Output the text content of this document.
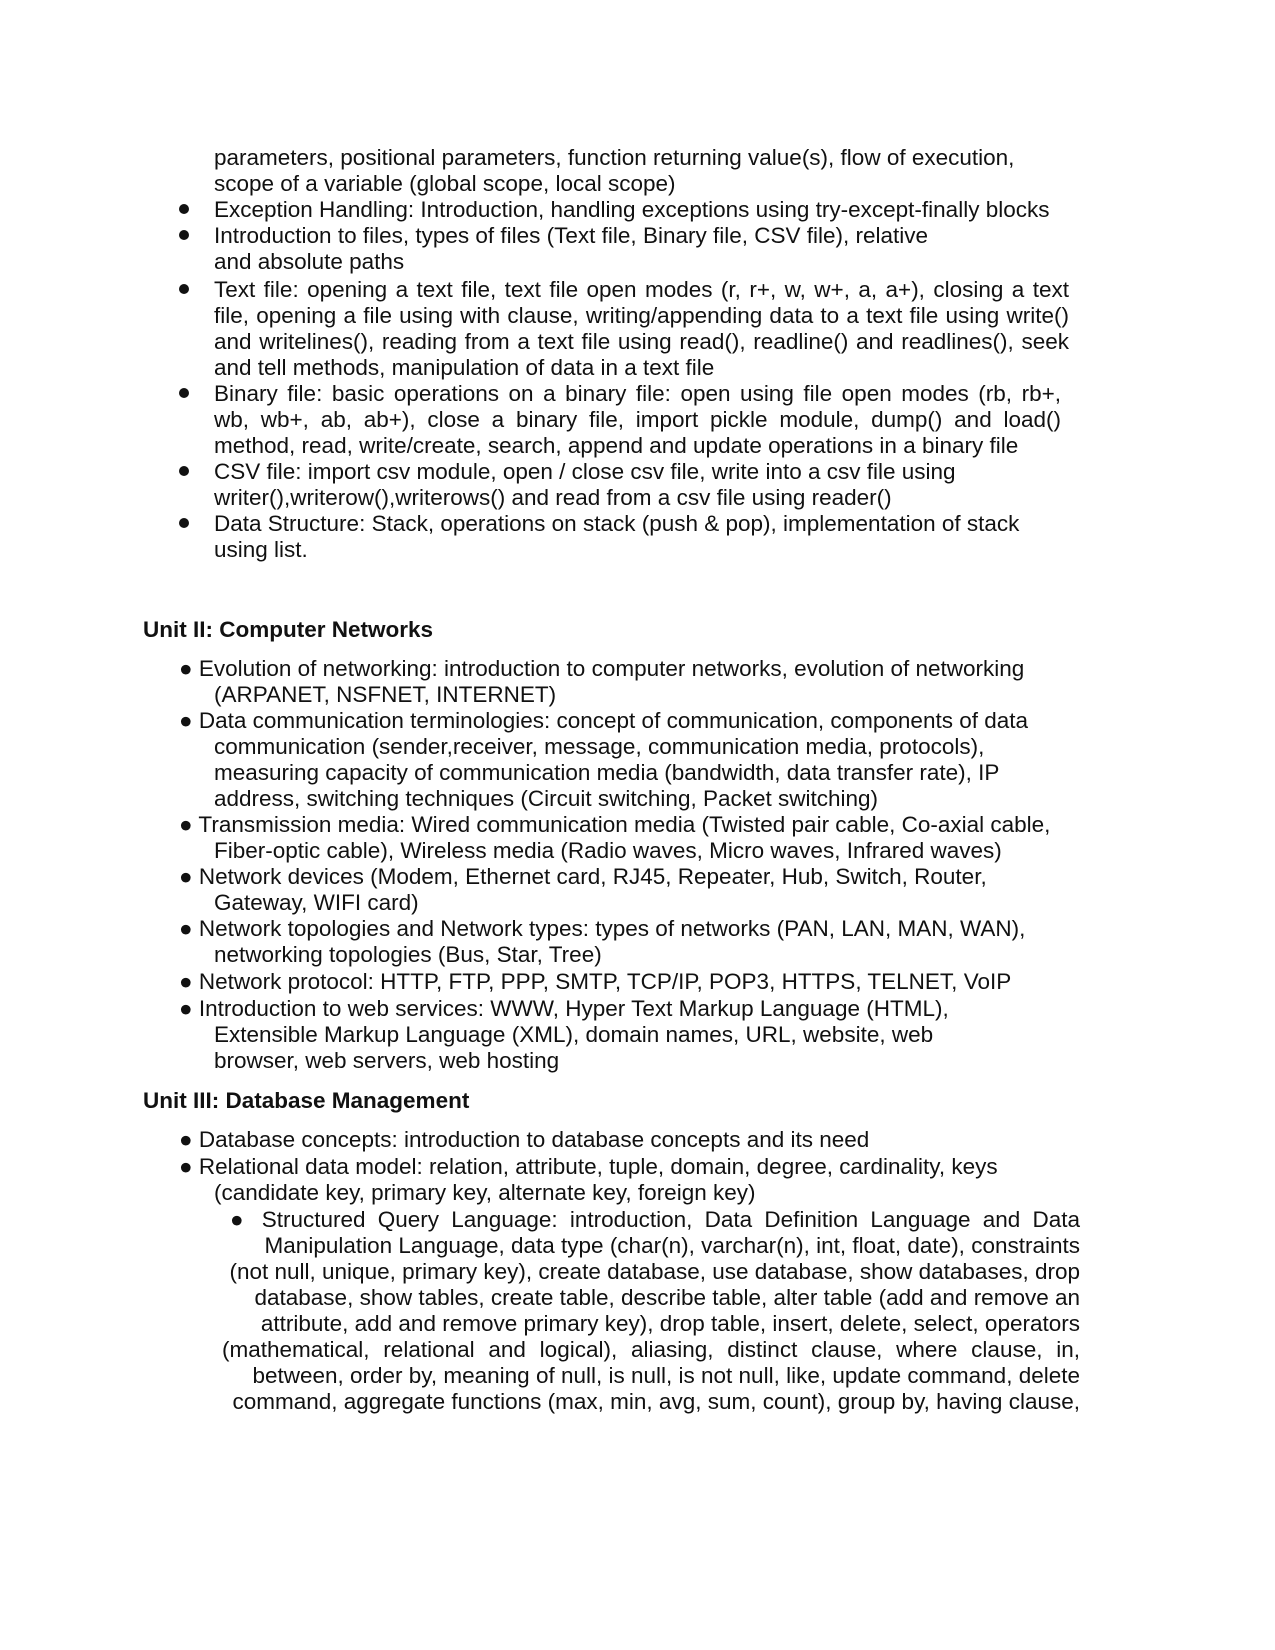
parameters, positional parameters, function returning value(s), flow of execution,
scope of a variable (global scope, local scope)
Exception Handling: Introduction, handling exceptions using try-except-finally blocks
Introduction to files, types of files (Text file, Binary file, CSV file), relative
and absolute paths
Text file: opening a text file, text file open modes (r, r+, w, w+, a, a+), closing a text
file, opening a file using with clause, writing/appending data to a text file using write()
and writelines(), reading from a text file using read(), readline() and readlines(), seek
and tell methods, manipulation of data in a text file
Binary file: basic operations on a binary file: open using file open modes (rb, rb+,
wb, wb+, ab, ab+), close a binary file, import pickle module, dump() and load()
method, read, write/create, search, append and update operations in a binary file
CSV file: import csv module, open / close csv file, write into a csv file using
writer(),writerow(),writerows() and read from a csv file using reader()
Data Structure: Stack, operations on stack (push & pop), implementation of stack
using list.
Unit II: Computer Networks
● Evolution of networking: introduction to computer networks, evolution of networking
(ARPANET, NSFNET, INTERNET)
● Data communication terminologies: concept of communication, components of data
communication (sender,receiver, message, communication media, protocols),
measuring capacity of communication media (bandwidth, data transfer rate), IP
address, switching techniques (Circuit switching, Packet switching)
● Transmission media: Wired communication media (Twisted pair cable, Co-axial cable,
Fiber-optic cable), Wireless media (Radio waves, Micro waves, Infrared waves)
● Network devices (Modem, Ethernet card, RJ45, Repeater, Hub, Switch, Router,
Gateway, WIFI card)
● Network topologies and Network types: types of networks (PAN, LAN, MAN, WAN),
networking topologies (Bus, Star, Tree)
● Network protocol: HTTP, FTP, PPP, SMTP, TCP/IP, POP3, HTTPS, TELNET, VoIP
● Introduction to web services: WWW, Hyper Text Markup Language (HTML),
Extensible Markup Language (XML), domain names, URL, website, web
browser, web servers, web hosting
Unit III: Database Management
● Database concepts: introduction to database concepts and its need
● Relational data model: relation, attribute, tuple, domain, degree, cardinality, keys
(candidate key, primary key, alternate key, foreign key)
● Structured Query Language: introduction, Data Definition Language and Data
Manipulation Language, data type (char(n), varchar(n), int, float, date), constraints
(not null, unique, primary key), create database, use database, show databases, drop
database, show tables, create table, describe table, alter table (add and remove an
attribute, add and remove primary key), drop table, insert, delete, select, operators
(mathematical, relational and logical), aliasing, distinct clause, where clause, in,
between, order by, meaning of null, is null, is not null, like, update command, delete
command, aggregate functions (max, min, avg, sum, count), group by, having clause,
